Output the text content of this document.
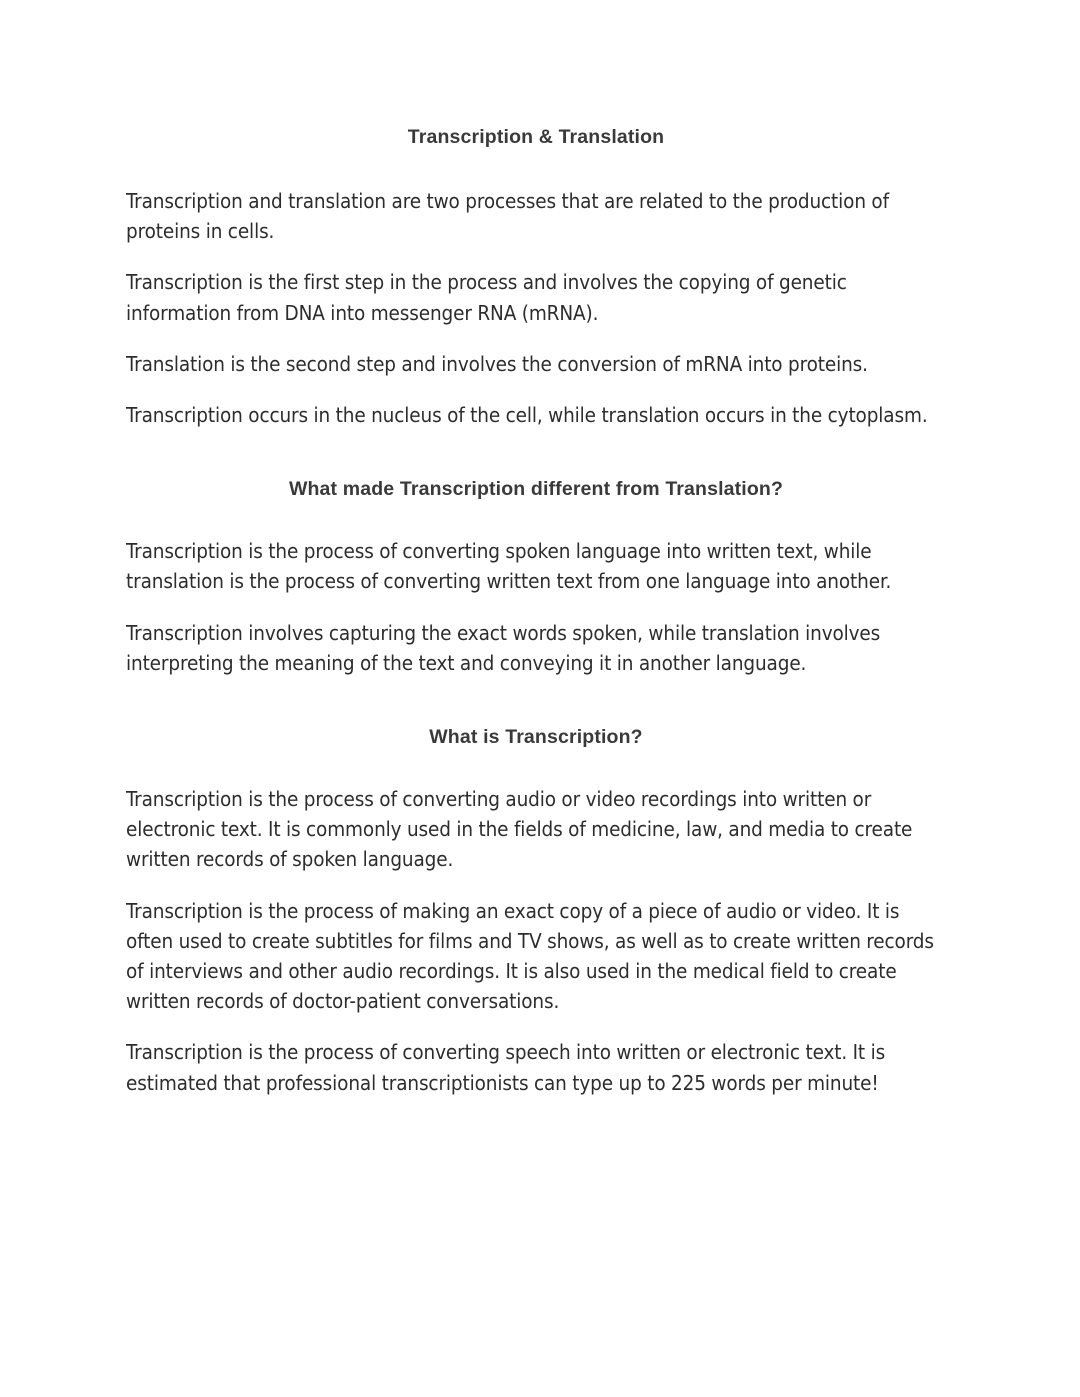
Transcription & Translation

Transcription and translation are two processes that are related to the production of proteins in cells.

Transcription is the first step in the process and involves the copying of genetic information from DNA into messenger RNA (mRNA).

Translation is the second step and involves the conversion of mRNA into proteins.

Transcription occurs in the nucleus of the cell, while translation occurs in the cytoplasm.

What made Transcription different from Translation?

Transcription is the process of converting spoken language into written text, while translation is the process of converting written text from one language into another.

Transcription involves capturing the exact words spoken, while translation involves interpreting the meaning of the text and conveying it in another language.

What is Transcription?

Transcription is the process of converting audio or video recordings into written or electronic text. It is commonly used in the fields of medicine, law, and media to create written records of spoken language.

Transcription is the process of making an exact copy of a piece of audio or video. It is often used to create subtitles for films and TV shows, as well as to create written records of interviews and other audio recordings. It is also used in the medical field to create written records of doctor-patient conversations.

Transcription is the process of converting speech into written or electronic text. It is estimated that professional transcriptionists can type up to 225 words per minute!
